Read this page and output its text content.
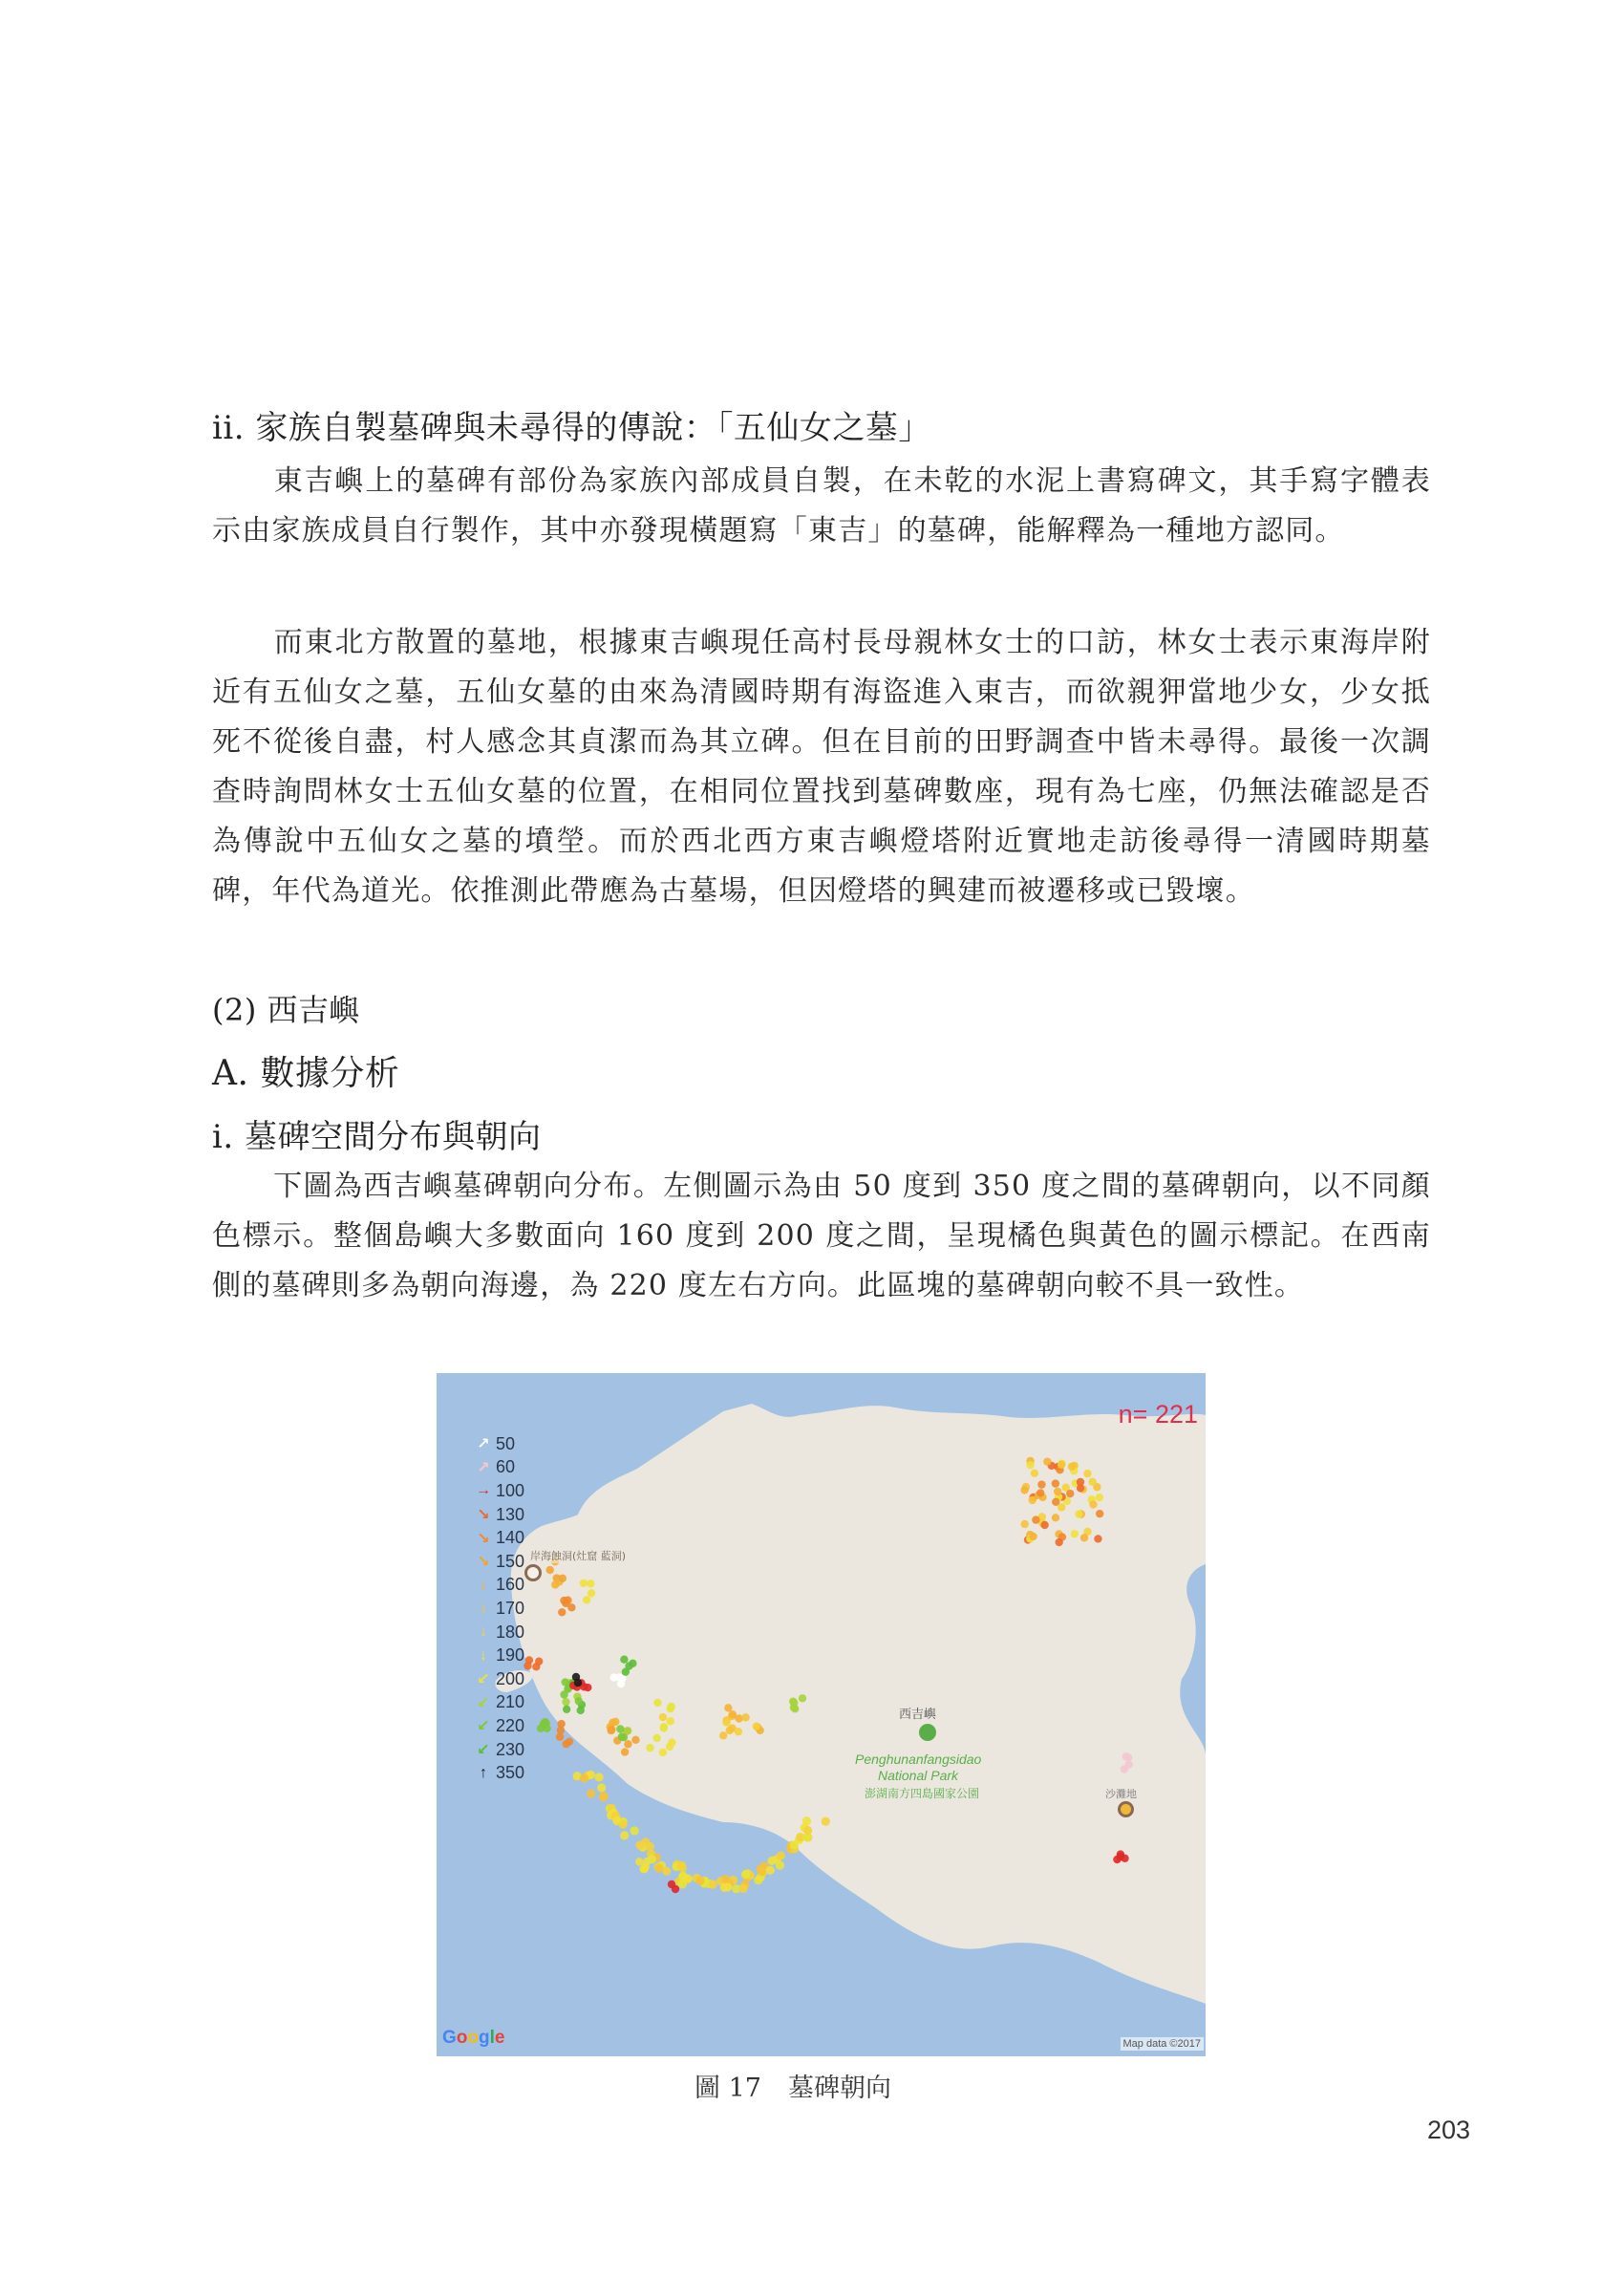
ii. 家族自製墓碑與未尋得的傳說：「五仙女之墓」
東吉嶼上的墓碑有部份為家族內部成員自製，在未乾的水泥上書寫碑文，其手寫字體表示由家族成員自行製作，其中亦發現橫題寫「東吉」的墓碑，能解釋為一種地方認同。
而東北方散置的墓地，根據東吉嶼現任高村長母親林女士的口訪，林女士表示東海岸附近有五仙女之墓，五仙女墓的由來為清國時期有海盜進入東吉，而欲親狎當地少女，少女抵死不從後自盡，村人感念其貞潔而為其立碑。但在目前的田野調查中皆未尋得。最後一次調查時詢問林女士五仙女墓的位置，在相同位置找到墓碑數座，現有為七座，仍無法確認是否為傳說中五仙女之墓的墳塋。而於西北西方東吉嶼燈塔附近實地走訪後尋得一清國時期墓碑，年代為道光。依推測此帶應為古墓場，但因燈塔的興建而被遷移或已毀壞。
(2) 西吉嶼
A. 數據分析
i. 墓碑空間分布與朝向
下圖為西吉嶼墓碑朝向分布。左側圖示為由 50 度到 350 度之間的墓碑朝向，以不同顏色標示。整個島嶼大多數面向 160 度到 200 度之間，呈現橘色與黃色的圖示標記。在西南側的墓碑則多為朝向海邊，為 220 度左右方向。此區塊的墓碑朝向較不具一致性。
↗ 50
↗ 60
→ 100
↘ 130
↘ 140
↘ 150
↓ 160
↓ 170
↓ 180
↓ 190
↙ 200
↙ 210
↙ 220
↙ 230
↑ 350
n= 221
岸海蝕洞(灶窟 藍洞)
西吉嶼
Penghunanfangsidao
National Park
澎湖南方四島國家公園	沙灘地
Google	Map data ©2017
圖 17 墓碑朝向
203
